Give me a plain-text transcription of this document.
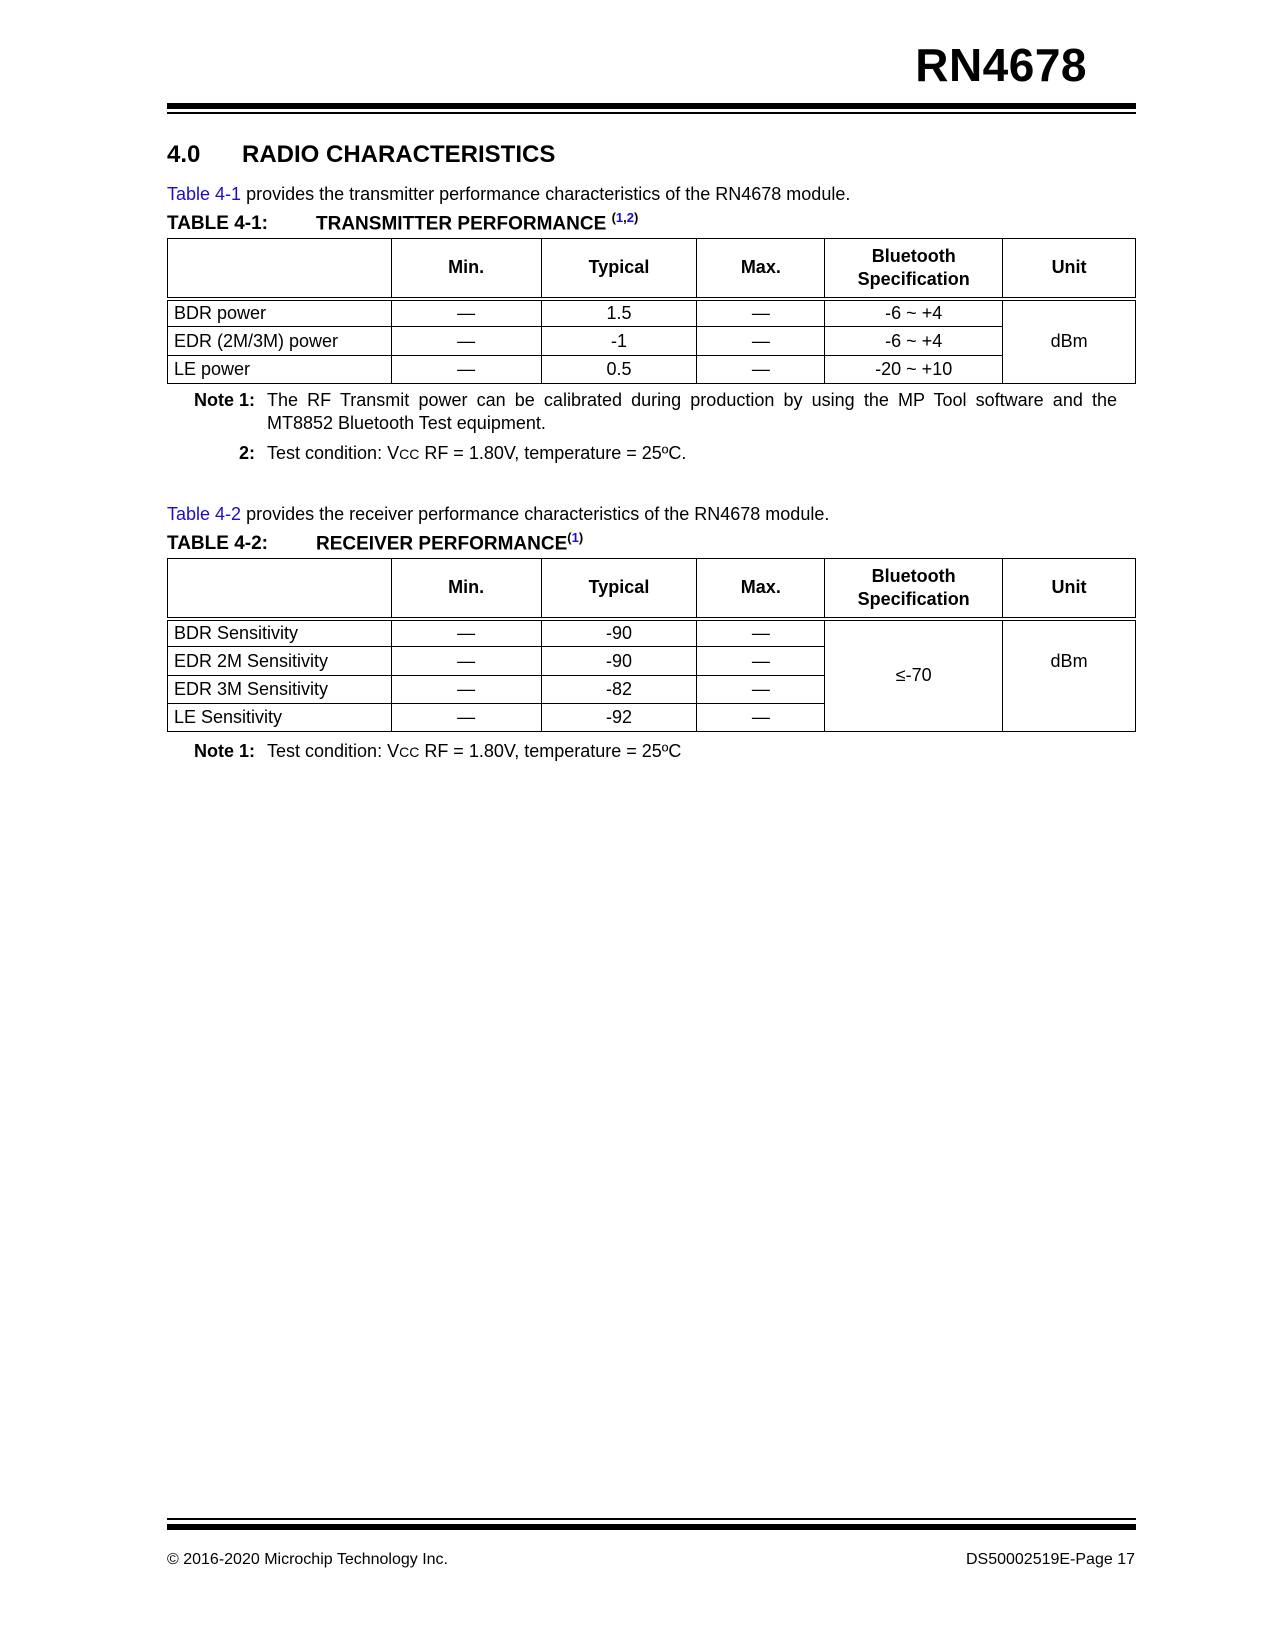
RN4678
4.0 RADIO CHARACTERISTICS
Table 4-1 provides the transmitter performance characteristics of the RN4678 module.
TABLE 4-1:	TRANSMITTER PERFORMANCE $^{(1,2)}$
	Min.	Typical	Max.	Bluetooth Specification	Unit
BDR power	—	1.5	—	-6 ~ +4	dBm
EDR (2M/3M) power	—	-1	—	-6 ~ +4	
LE power	—	0.5	—	-20 ~ +10	
Note 1: The RF Transmit power can be calibrated during production by using the MP Tool software and the MT8852 Bluetooth Test equipment.
2: Test condition: VCC RF = 1.80V, temperature = 25ºC.
Table 4-2 provides the receiver performance characteristics of the RN4678 module.
TABLE 4-2:	RECEIVER PERFORMANCE$^{(1)}$
	Min.	Typical	Max.	Bluetooth Specification	Unit
BDR Sensitivity	—	-90	—	≤-70	dBm
EDR 2M Sensitivity	—	-90	—		
EDR 3M Sensitivity	—	-82	—		
LE Sensitivity	—	-92	—		
Note 1: Test condition: VCC RF = 1.80V, temperature = 25ºC
© 2016-2020 Microchip Technology Inc.	DS50002519E-Page 17
